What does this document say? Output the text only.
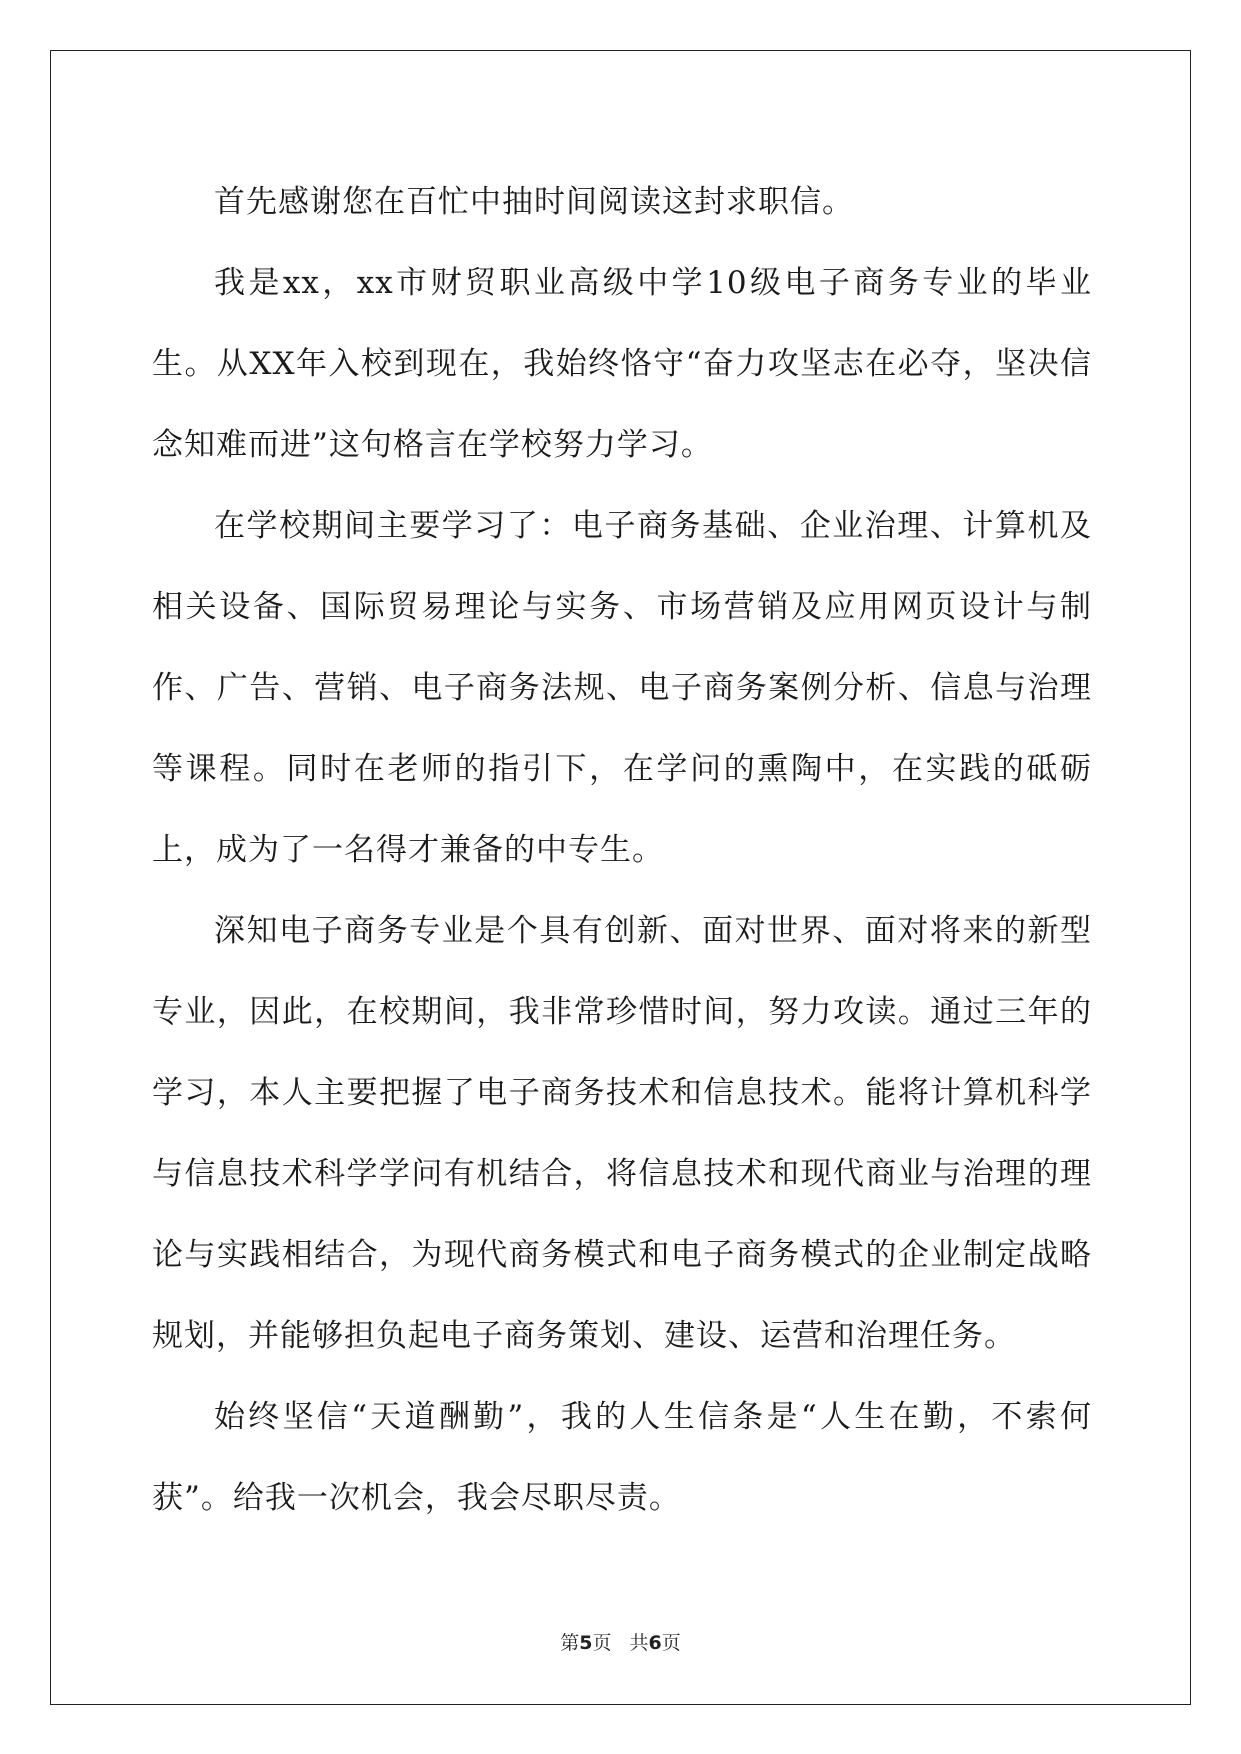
首先感谢您在百忙中抽时间阅读这封求职信。

我是xx，xx市财贸职业高级中学10级电子商务专业的毕业生。从XX年入校到现在，我始终恪守“奋力攻坚志在必夺，坚决信念知难而进”这句格言在学校努力学习。

在学校期间主要学习了：电子商务基础、企业治理、计算机及相关设备、国际贸易理论与实务、市场营销及应用网页设计与制作、广告、营销、电子商务法规、电子商务案例分析、信息与治理等课程。同时在老师的指引下，在学问的熏陶中，在实践的砥砺上，成为了一名得才兼备的中专生。

深知电子商务专业是个具有创新、面对世界、面对将来的新型专业，因此，在校期间，我非常珍惜时间，努力攻读。通过三年的学习，本人主要把握了电子商务技术和信息技术。能将计算机科学与信息技术科学学问有机结合，将信息技术和现代商业与治理的理论与实践相结合，为现代商务模式和电子商务模式的企业制定战略规划，并能够担负起电子商务策划、建设、运营和治理任务。

始终坚信“天道酬勤”，我的人生信条是“人生在勤，不索何获”。给我一次机会，我会尽职尽责。

第5页 共6页
